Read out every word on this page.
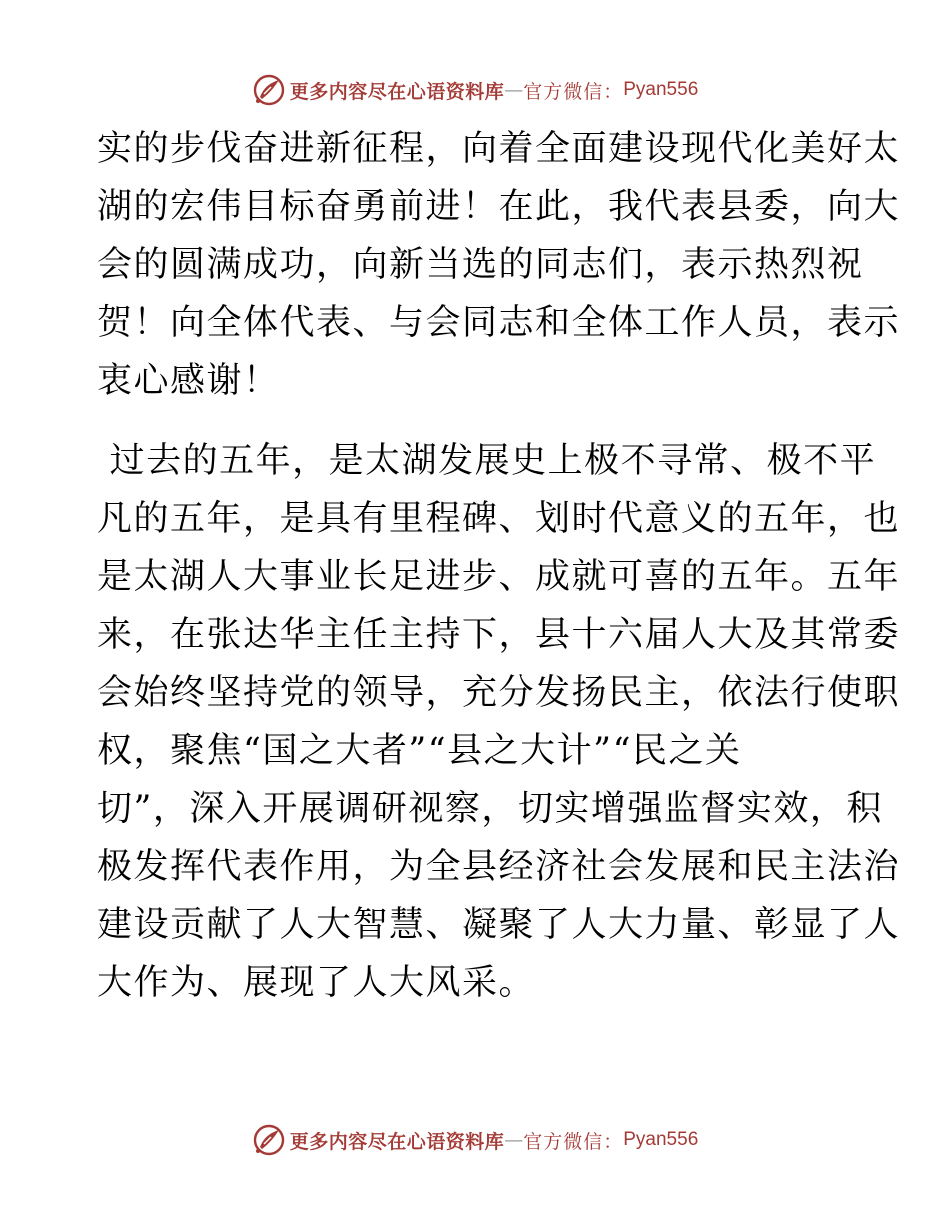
更多内容尽在心语资料库 — 官方微信： Pyan556

实的步伐奋进新征程，向着全面建设现代化美好太

湖的宏伟目标奋勇前进！在此，我代表县委，向大

会的圆满成功，向新当选的同志们，表示热烈祝

贺！向全体代表、与会同志和全体工作人员，表示

衷心感谢！

过去的五年，是太湖发展史上极不寻常、极不平

凡的五年，是具有里程碑、划时代意义的五年，也

是太湖人大事业长足进步、成就可喜的五年。五年

来，在张达华主任主持下，县十六届人大及其常委

会始终坚持党的领导，充分发扬民主，依法行使职

权，聚焦“国之大者”“县之大计”“民之关

切”，深入开展调研视察，切实增强监督实效，积

极发挥代表作用，为全县经济社会发展和民主法治

建设贡献了人大智慧、凝聚了人大力量、彰显了人

大作为、展现了人大风采。

更多内容尽在心语资料库 — 官方微信： Pyan556
